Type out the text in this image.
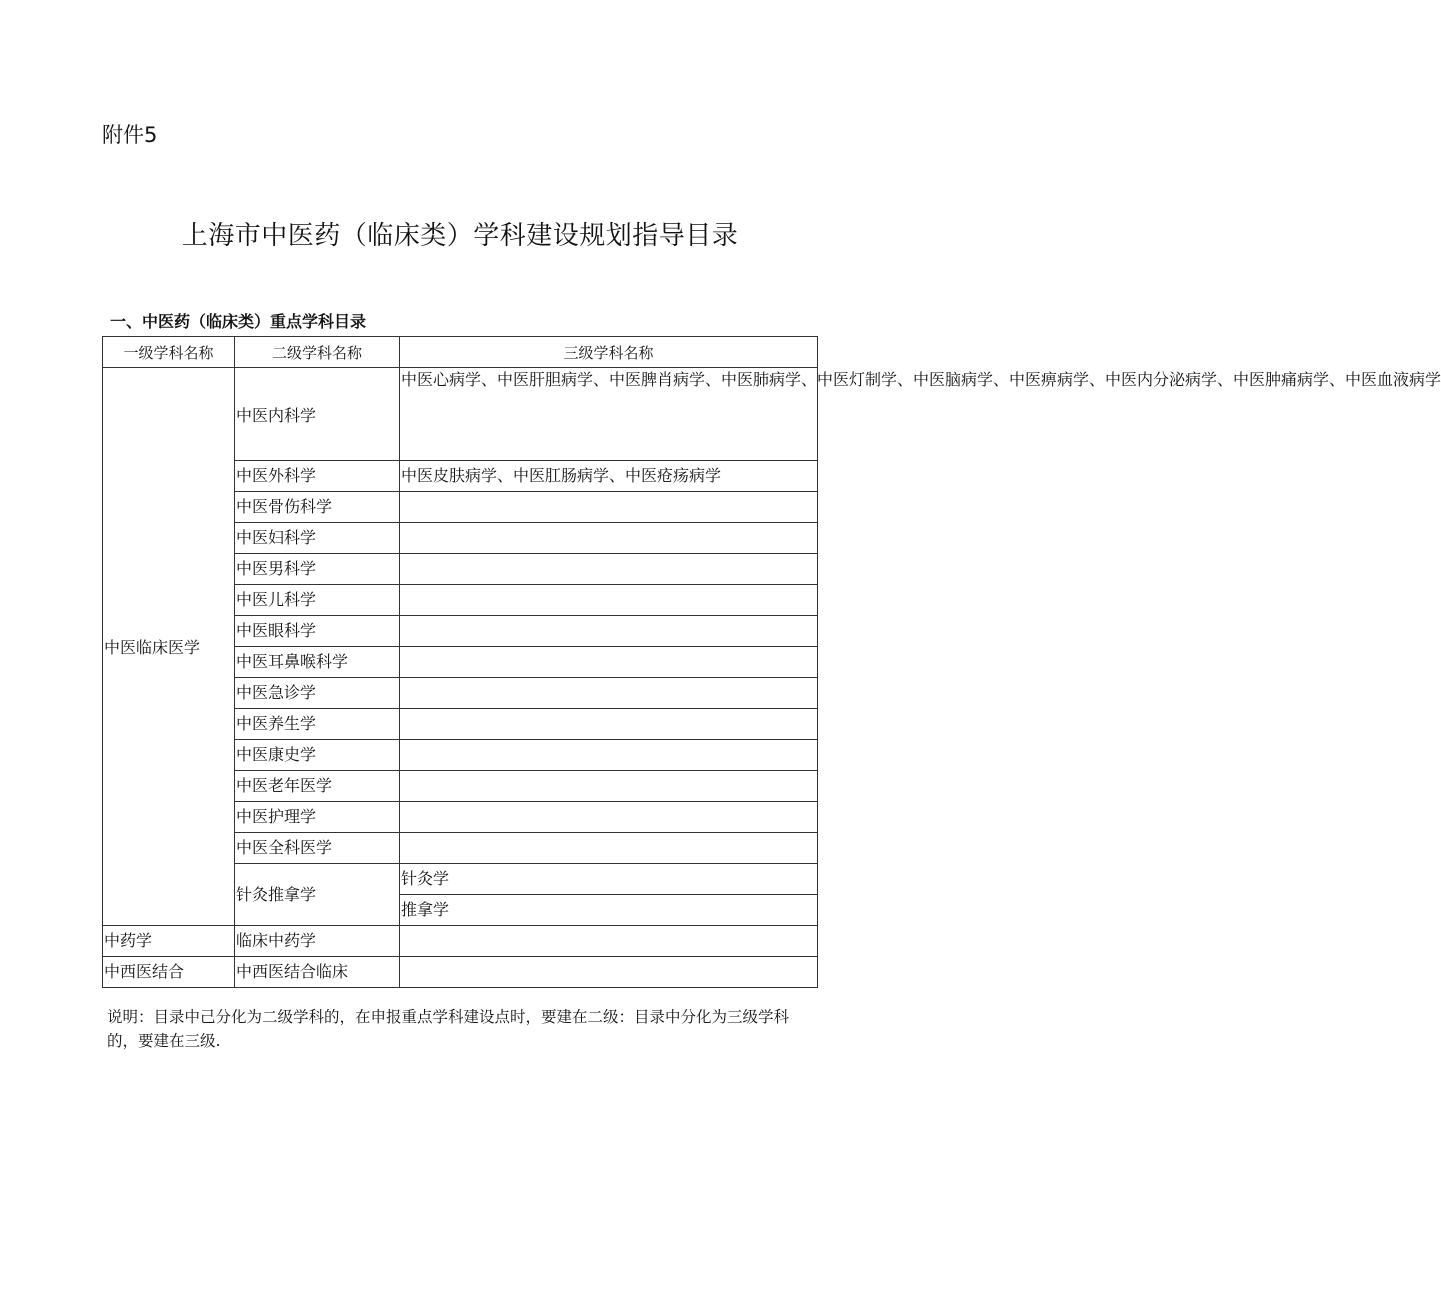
附件5
上海市中医药（临床类）学科建设规划指导目录
一、中医药（临床类）重点学科目录
一级学科名称	二级学科名称	三级学科名称	
中医临床医学	中医内科学	中医心病学、中医肝胆病学、中医脾肖病学、中医肺病学、中医灯制学、中医脑病学、中医痹病学、中医内分泌病学、中医肿痛病学、中医血液病学	
	中医外科学	中医皮肤病学、中医肛肠病学、中医疮疡病学	
	中医骨伤科学		
	中医妇科学		
	中医男科学		
	中医儿科学		
	中医眼科学		
	中医耳鼻喉科学		
	中医急诊学		
	中医养生学		
	中医康史学		
	中医老年医学		
	中医护理学		
	中医全科医学		
	针灸推拿学	针灸学	
		推拿学	
中药学	临床中药学		
中西医结合	中西医结合临床		
说明：目录中己分化为二级学科的，在申报重点学科建设点时，要建在二级：目录中分化为三级学科的，要建在三级.
